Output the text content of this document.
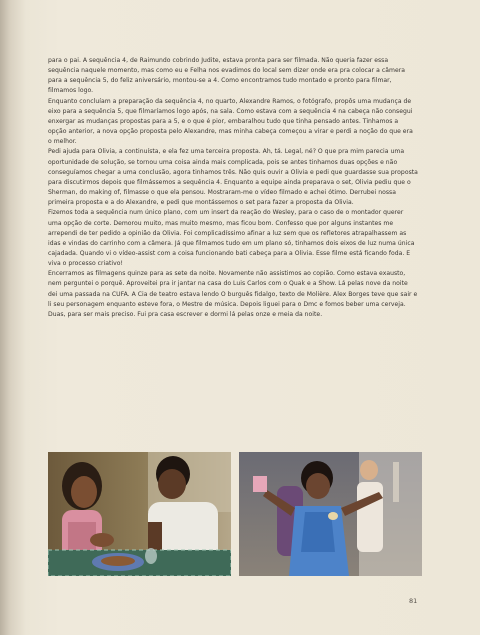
para o pai. A sequência 4, de Raimundo cobrindo Judite, estava pronta para ser filmada. Não queria fazer essa sequência naquele momento, mas como eu e Felha nos evadimos do local sem dizer onde era pra colocar a câmera para a sequência 5, do feliz aniversário, montou-se a 4. Como encontramos tudo montado e pronto para filmar, filmamos logo.

Enquanto concluíam a preparação da sequência 4, no quarto, Alexandre Ramos, o fotógrafo, propôs uma mudança de eixo para a sequência 5, que filmaríamos logo após, na sala. Como estava com a sequência 4 na cabeça não consegui enxergar as mudanças propostas para a 5, e o que é pior, embaralhou tudo que tinha pensado antes. Tinhamos a opção anterior, a nova opção proposta pelo Alexandre, mas minha cabeça começou a virar e perdi a noção do que era o melhor.

Pedi ajuda para Olivia, a continuísta, e ela fez uma terceira proposta. Ah, tá. Legal, né? O que pra mim parecia uma oportunidade de solução, se tornou uma coisa ainda mais complicada, pois se antes tinhamos duas opções e não conseguíamos chegar a uma conclusão, agora tinhamos três. Não quis ouvir a Olivia e pedi que guardasse sua proposta para discutirmos depois que filmássemos a sequência 4. Enquanto a equipe ainda preparava o set, Olivia pediu que o Sherman, do making of, filmasse o que ela pensou. Mostraram-me o vídeo filmado e achei ótimo. Derrubei nossa primeira proposta e a do Alexandre, e pedi que montássemos o set para fazer a proposta da Olivia.

Fizemos toda a sequência num único plano, com um insert da reação do Wesley, para o caso de o montador querer uma opção de corte. Demorou muito, mas muito mesmo, mas ficou bom. Confesso que por alguns instantes me arrependi de ter pedido a opinião da Olivia. Foi complicadíssimo afinar a luz sem que os refletores atrapalhassem as idas e vindas do carrinho com a câmera. Já que filmamos tudo em um plano só, tinhamos dois eixos de luz numa única cajadada. Quando vi o vídeo-assist com a coisa funcionando bati cabeça para a Olivia. Esse filme está ficando foda. E viva o processo criativo!

Encerramos as filmagens quinze para as sete da noite. Novamente não assistimos ao copião. Como estava exausto, nem perguntei o porquê. Aproveitei pra ir jantar na casa do Luis Carlos com o Quak e a Show. Lá pelas nove da noite dei uma passada na CUFA. A Cia de teatro estava lendo O burguês fidalgo, texto de Molière. Alex Borges teve que sair e li seu personagem enquanto esteve fora, o Mestre de música. Depois liguei para o Dmc e fomos beber uma cerveja. Duas, para ser mais preciso. Fui pra casa escrever e dormi lá pelas onze e meia da noite.

81
